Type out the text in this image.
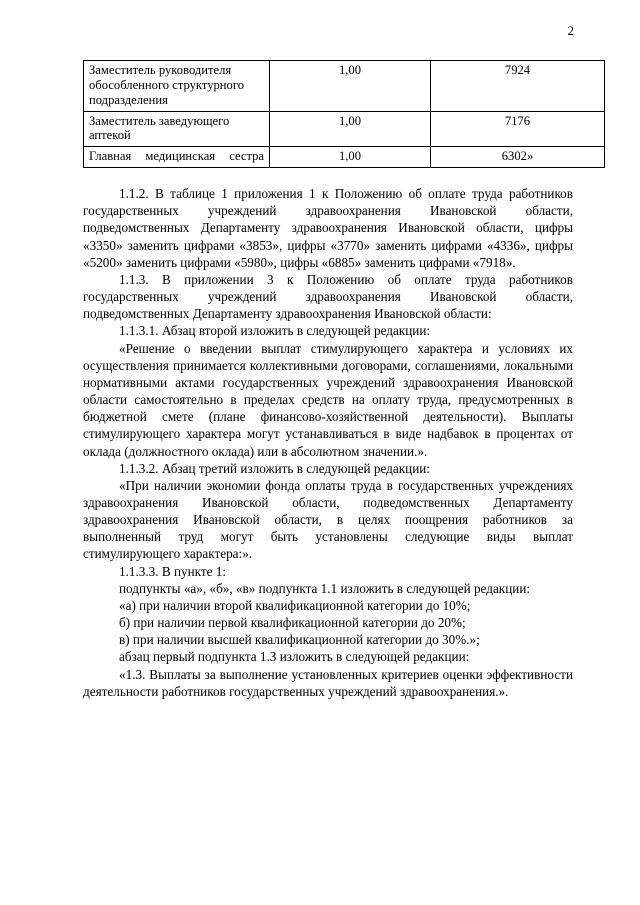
2
Заместитель руководителя обособленного структурного подразделения	1,00	7924
Заместитель заведующего аптекой	1,00	7176
Главная медицинская сестра	1,00	6302»

1.1.2. В таблице 1 приложения 1 к Положению об оплате труда работников государственных учреждений здравоохранения Ивановской области, подведомственных Департаменту здравоохранения Ивановской области, цифры «3350» заменить цифрами «3853», цифры «3770» заменить цифрами «4336», цифры «5200» заменить цифрами «5980», цифры «6885» заменить цифрами «7918».

1.1.3. В приложении 3 к Положению об оплате труда работников государственных учреждений здравоохранения Ивановской области, подведомственных Департаменту здравоохранения Ивановской области:

1.1.3.1. Абзац второй изложить в следующей редакции:

«Решение о введении выплат стимулирующего характера и условиях их осуществления принимается коллективными договорами, соглашениями, локальными нормативными актами государственных учреждений здравоохранения Ивановской области самостоятельно в пределах средств на оплату труда, предусмотренных в бюджетной смете (плане финансово-хозяйственной деятельности). Выплаты стимулирующего характера могут устанавливаться в виде надбавок в процентах от оклада (должностного оклада) или в абсолютном значении.».

1.1.3.2. Абзац третий изложить в следующей редакции:

«При наличии экономии фонда оплаты труда в государственных учреждениях здравоохранения Ивановской области, подведомственных Департаменту здравоохранения Ивановской области, в целях поощрения работников за выполненный труд могут быть установлены следующие виды выплат стимулирующего характера:».

1.1.3.3. В пункте 1:

подпункты «а», «б», «в» подпункта 1.1 изложить в следующей редакции:

«а) при наличии второй квалификационной категории до 10%;

б) при наличии первой квалификационной категории до 20%;

в) при наличии высшей квалификационной категории до 30%.»;

абзац первый подпункта 1.3 изложить в следующей редакции:

«1.3. Выплаты за выполнение установленных критериев оценки эффективности деятельности работников государственных учреждений здравоохранения.».
